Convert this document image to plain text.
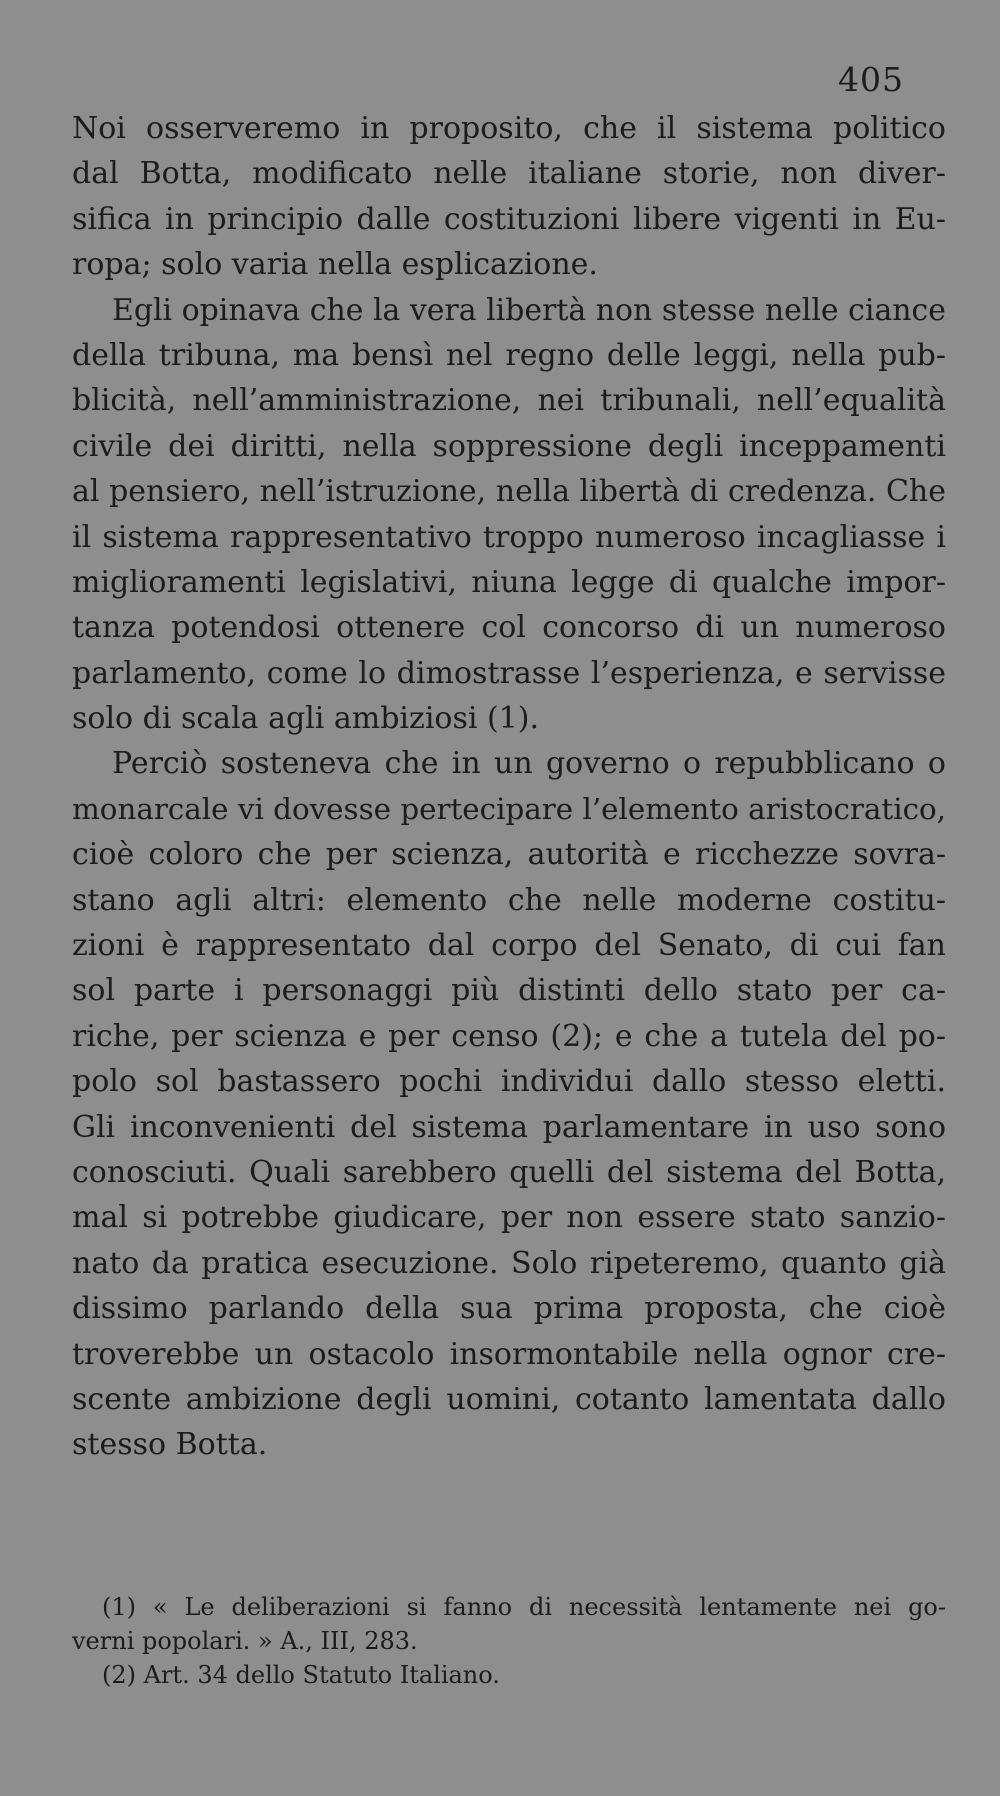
405
Noi osserveremo in proposito, che il sistema politico
dal Botta, modificato nelle italiane storie, non diver-
sifica in principio dalle costituzioni libere vigenti in Eu-
ropa; solo varia nella esplicazione.
Egli opinava che la vera libertà non stesse nelle ciance
della tribuna, ma bensì nel regno delle leggi, nella pub-
blicità, nell’amministrazione, nei tribunali, nell’equalità
civile dei diritti, nella soppressione degli inceppamenti
al pensiero, nell’istruzione, nella libertà di credenza. Che
il sistema rappresentativo troppo numeroso incagliasse i
miglioramenti legislativi, niuna legge di qualche impor-
tanza potendosi ottenere col concorso di un numeroso
parlamento, come lo dimostrasse l’esperienza, e servisse
solo di scala agli ambiziosi (1).
Perciò sosteneva che in un governo o repubblicano o
monarcale vi dovesse pertecipare l’elemento aristocratico,
cioè coloro che per scienza, autorità e ricchezze sovra-
stano agli altri: elemento che nelle moderne costitu-
zioni è rappresentato dal corpo del Senato, di cui fan
sol parte i personaggi più distinti dello stato per ca-
riche, per scienza e per censo (2); e che a tutela del po-
polo sol bastassero pochi individui dallo stesso eletti.
Gli inconvenienti del sistema parlamentare in uso sono
conosciuti. Quali sarebbero quelli del sistema del Botta,
mal si potrebbe giudicare, per non essere stato sanzio-
nato da pratica esecuzione. Solo ripeteremo, quanto già
dissimo parlando della sua prima proposta, che cioè
troverebbe un ostacolo insormontabile nella ognor cre-
scente ambizione degli uomini, cotanto lamentata dallo
stesso Botta.
(1) « Le deliberazioni si fanno di necessità lentamente nei go-
verni popolari. » A., III, 283.
(2) Art. 34 dello Statuto Italiano.
